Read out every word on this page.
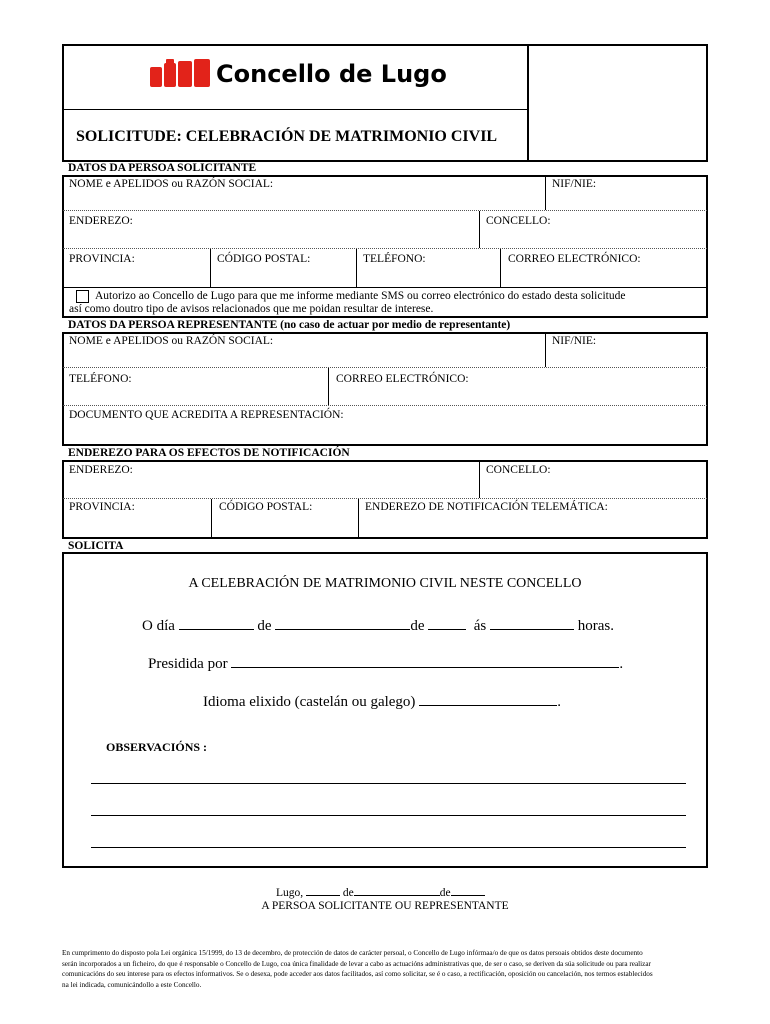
Concello de Lugo
SOLICITUDE: CELEBRACIÓN DE MATRIMONIO CIVIL
DATOS DA PERSOA SOLICITANTE
NOME e APELIDOS ou RAZÓN SOCIAL:	NIF/NIE:
ENDEREZO:	CONCELLO:
PROVINCIA:	CÓDIGO POSTAL:	TELÉFONO:	CORREO ELECTRÓNICO:
Autorizo ao Concello de Lugo para que me informe mediante SMS ou correo electrónico do estado desta solicitude
así como doutro tipo de avisos relacionados que me poidan resultar de interese.
DATOS DA PERSOA REPRESENTANTE (no caso de actuar por medio de representante)
NOME e APELIDOS ou RAZÓN SOCIAL:	NIF/NIE:
TELÉFONO:	CORREO ELECTRÓNICO:
DOCUMENTO QUE ACREDITA A REPRESENTACIÓN:
ENDEREZO PARA OS EFECTOS DE NOTIFICACIÓN
ENDEREZO:	CONCELLO:
PROVINCIA:	CÓDIGO POSTAL:	ENDEREZO DE NOTIFICACIÓN TELEMÁTICA:
SOLICITA
A CELEBRACIÓN DE MATRIMONIO CIVIL NESTE CONCELLO
O día	de	de	ás	horas.
Presidida por	.
Idioma elixido (castelán ou galego)	.
OBSERVACIÓNS :
Lugo,	de	de
A PERSOA SOLICITANTE OU REPRESENTANTE
En cumprimento do disposto pola Lei orgánica 15/1999, do 13 de decembro, de protección de datos de carácter persoal, o Concello de Lugo infórmaa/o de que os datos persoais obtidos deste documento
serán incorporados a un ficheiro, do que é responsable o Concello de Lugo, coa única finalidade de levar a cabo as actuacións administrativas que, de ser o caso, se deriven da súa solicitude ou para realizar
comunicacións do seu interese para os efectos informativos. Se o desexa, pode acceder aos datos facilitados, así como solicitar, se é o caso, a rectificación, oposición ou cancelación, nos termos establecidos
na lei indicada, comunicándollo a este Concello.
